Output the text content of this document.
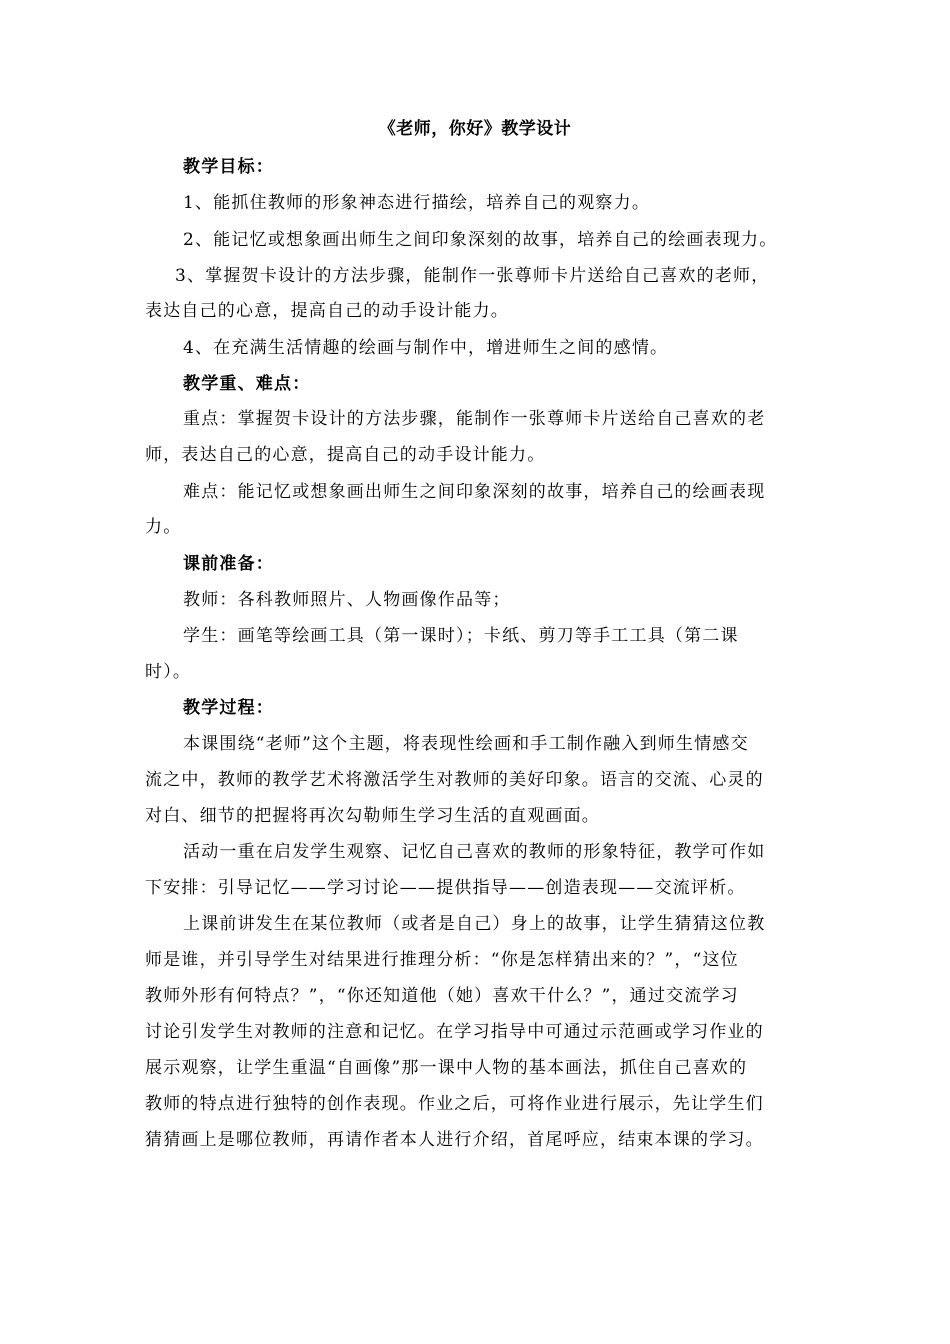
《老师，你好》教学设计
教学目标：
1、能抓住教师的形象神态进行描绘，培养自己的观察力。
2、能记忆或想象画出师生之间印象深刻的故事，培养自己的绘画表现力。
3、掌握贺卡设计的方法步骤，能制作一张尊师卡片送给自己喜欢的老师，
表达自己的心意，提高自己的动手设计能力。
4、在充满生活情趣的绘画与制作中，增进师生之间的感情。
教学重、难点：
重点：掌握贺卡设计的方法步骤，能制作一张尊师卡片送给自己喜欢的老
师，表达自己的心意，提高自己的动手设计能力。
难点：能记忆或想象画出师生之间印象深刻的故事，培养自己的绘画表现
力。
课前准备：
教师：各科教师照片、人物画像作品等；
学生：画笔等绘画工具（第一课时）；卡纸、剪刀等手工工具（第二课
时）。
教学过程：
本课围绕“老师”这个主题，将表现性绘画和手工制作融入到师生情感交
流之中，教师的教学艺术将激活学生对教师的美好印象。语言的交流、心灵的
对白、细节的把握将再次勾勒师生学习生活的直观画面。
活动一重在启发学生观察、记忆自己喜欢的教师的形象特征，教学可作如
下安排：引导记忆——学习讨论——提供指导——创造表现——交流评析。
上课前讲发生在某位教师（或者是自己）身上的故事，让学生猜猜这位教
师是谁，并引导学生对结果进行推理分析：“你是怎样猜出来的？”，“这位
教师外形有何特点？”，“你还知道他（她）喜欢干什么？”，通过交流学习
讨论引发学生对教师的注意和记忆。在学习指导中可通过示范画或学习作业的
展示观察，让学生重温“自画像”那一课中人物的基本画法，抓住自己喜欢的
教师的特点进行独特的创作表现。作业之后，可将作业进行展示，先让学生们
猜猜画上是哪位教师，再请作者本人进行介绍，首尾呼应，结束本课的学习。
